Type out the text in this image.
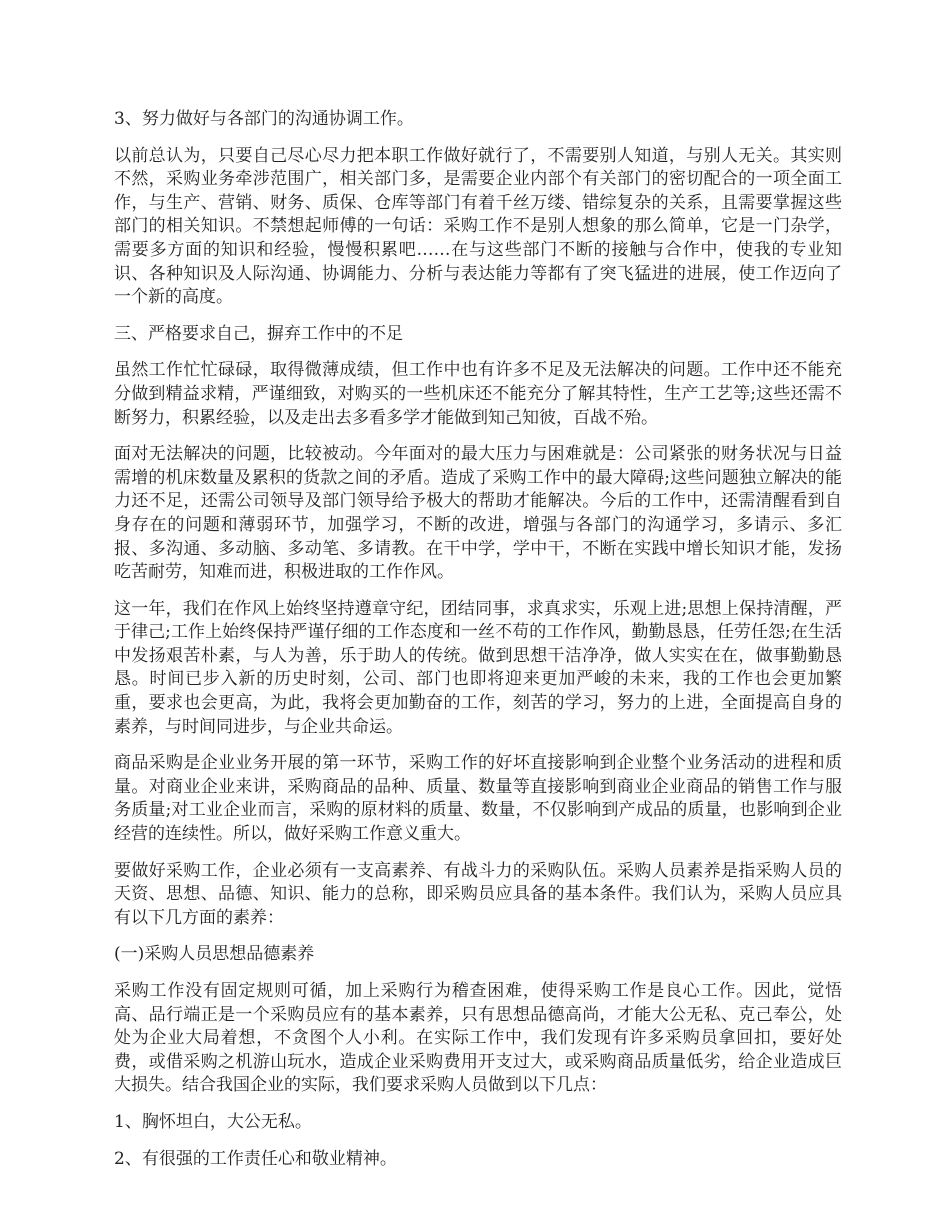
3、努力做好与各部门的沟通协调工作。

以前总认为，只要自己尽心尽力把本职工作做好就行了，不需要别人知道，与别人无关。其实则不然，采购业务牵涉范围广，相关部门多，是需要企业内部个有关部门的密切配合的一项全面工作，与生产、营销、财务、质保、仓库等部门有着千丝万缕、错综复杂的关系，且需要掌握这些部门的相关知识。不禁想起师傅的一句话：采购工作不是别人想象的那么简单，它是一门杂学，需要多方面的知识和经验，慢慢积累吧……在与这些部门不断的接触与合作中，使我的专业知识、各种知识及人际沟通、协调能力、分析与表达能力等都有了突飞猛进的进展，使工作迈向了一个新的高度。

三、严格要求自己，摒弃工作中的不足

虽然工作忙忙碌碌，取得微薄成绩，但工作中也有许多不足及无法解决的问题。工作中还不能充分做到精益求精，严谨细致，对购买的一些机床还不能充分了解其特性，生产工艺等;这些还需不断努力，积累经验，以及走出去多看多学才能做到知己知彼，百战不殆。

面对无法解决的问题，比较被动。今年面对的最大压力与困难就是：公司紧张的财务状况与日益需增的机床数量及累积的货款之间的矛盾。造成了采购工作中的最大障碍;这些问题独立解决的能力还不足，还需公司领导及部门领导给予极大的帮助才能解决。今后的工作中，还需清醒看到自身存在的问题和薄弱环节，加强学习，不断的改进，增强与各部门的沟通学习，多请示、多汇报、多沟通、多动脑、多动笔、多请教。在干中学，学中干，不断在实践中增长知识才能，发扬吃苦耐劳，知难而进，积极进取的工作作风。

这一年，我们在作风上始终坚持遵章守纪，团结同事，求真求实，乐观上进;思想上保持清醒，严于律己;工作上始终保持严谨仔细的工作态度和一丝不苟的工作作风，勤勤恳恳，任劳任怨;在生活中发扬艰苦朴素，与人为善，乐于助人的传统。做到思想干洁净净，做人实实在在，做事勤勤恳恳。时间已步入新的历史时刻，公司、部门也即将迎来更加严峻的未来，我的工作也会更加繁重，要求也会更高，为此，我将会更加勤奋的工作，刻苦的学习，努力的上进，全面提高自身的素养，与时间同进步，与企业共命运。

商品采购是企业业务开展的第一环节，采购工作的好坏直接影响到企业整个业务活动的进程和质量。对商业企业来讲，采购商品的品种、质量、数量等直接影响到商业企业商品的销售工作与服务质量;对工业企业而言，采购的原材料的质量、数量，不仅影响到产成品的质量，也影响到企业经营的连续性。所以，做好采购工作意义重大。

要做好采购工作，企业必须有一支高素养、有战斗力的采购队伍。采购人员素养是指采购人员的天资、思想、品德、知识、能力的总称，即采购员应具备的基本条件。我们认为，采购人员应具有以下几方面的素养：

(一)采购人员思想品德素养

采购工作没有固定规则可循，加上采购行为稽查困难，使得采购工作是良心工作。因此，觉悟高、品行端正是一个采购员应有的基本素养，只有思想品德高尚，才能大公无私、克己奉公，处处为企业大局着想，不贪图个人小利。在实际工作中，我们发现有许多采购员拿回扣，要好处费，或借采购之机游山玩水，造成企业采购费用开支过大，或采购商品质量低劣，给企业造成巨大损失。结合我国企业的实际，我们要求采购人员做到以下几点：

1、胸怀坦白，大公无私。

2、有很强的工作责任心和敬业精神。
